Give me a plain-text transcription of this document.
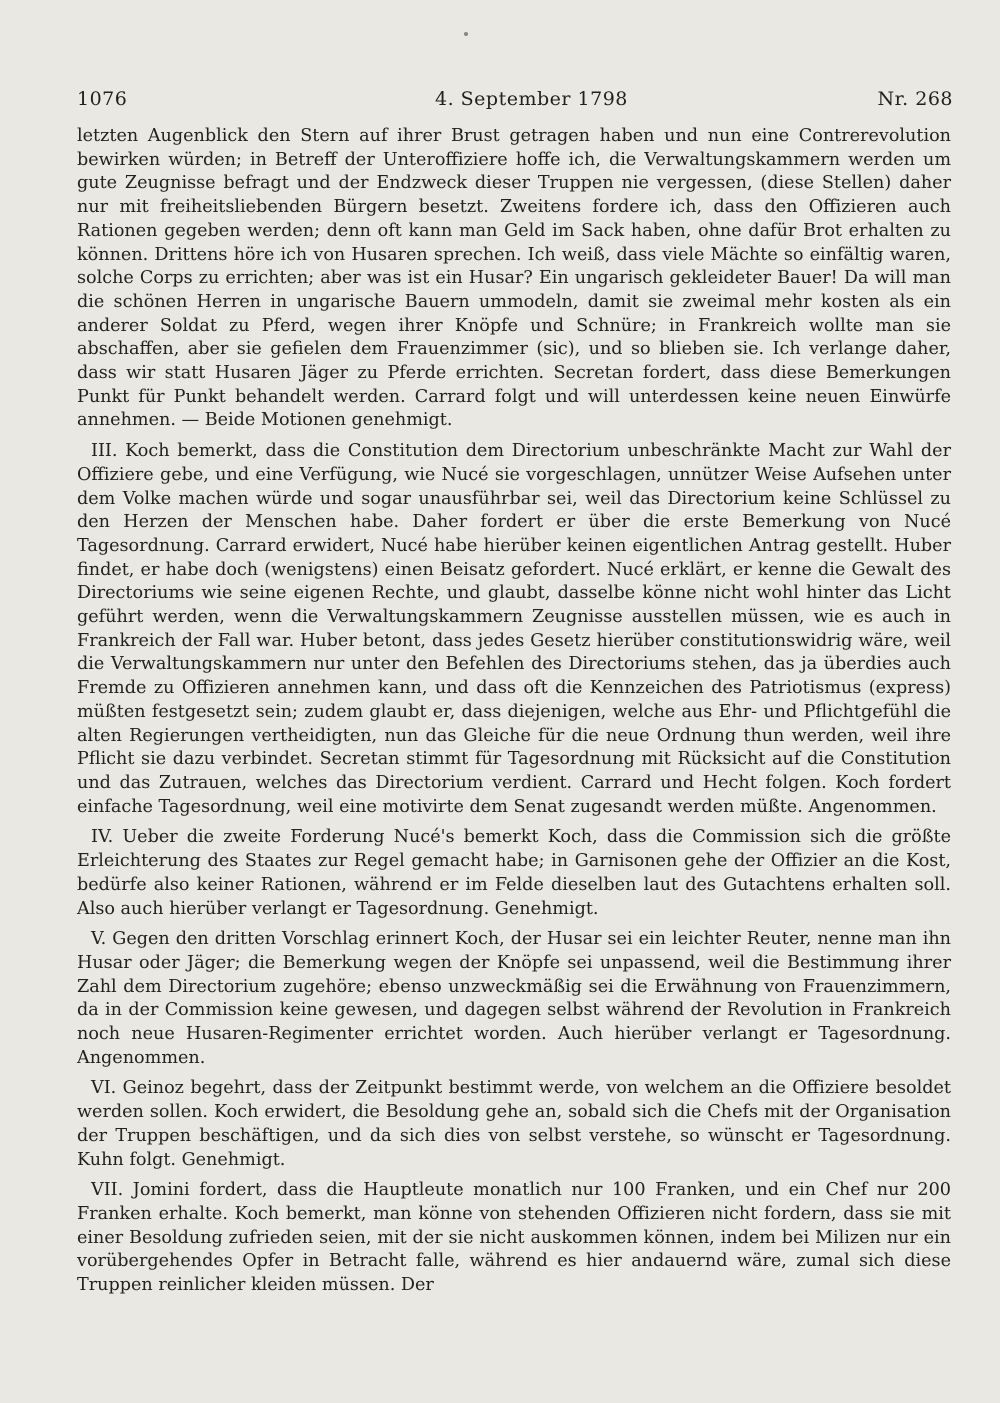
1076	4. September 1798	Nr. 268

letzten Augenblick den Stern auf ihrer Brust getragen haben und nun eine Contrerevolution bewirken würden; in Betreff der Unteroffiziere hoffe ich, die Verwaltungskammern werden um gute Zeugnisse befragt und der Endzweck dieser Truppen nie vergessen, (diese Stellen) daher nur mit freiheitsliebenden Bürgern besetzt. Zweitens fordere ich, dass den Offizieren auch Rationen gegeben werden; denn oft kann man Geld im Sack haben, ohne dafür Brot erhalten zu können. Drittens höre ich von Husaren sprechen. Ich weiß, dass viele Mächte so einfältig waren, solche Corps zu errichten; aber was ist ein Husar? Ein ungarisch gekleideter Bauer! Da will man die schönen Herren in ungarische Bauern ummodeln, damit sie zweimal mehr kosten als ein anderer Soldat zu Pferd, wegen ihrer Knöpfe und Schnüre; in Frankreich wollte man sie abschaffen, aber sie gefielen dem Frauenzimmer (sic), und so blieben sie. Ich verlange daher, dass wir statt Husaren Jäger zu Pferde errichten. Secretan fordert, dass diese Bemerkungen Punkt für Punkt behandelt werden. Carrard folgt und will unterdessen keine neuen Einwürfe annehmen. — Beide Motionen genehmigt.

III. Koch bemerkt, dass die Constitution dem Directorium unbeschränkte Macht zur Wahl der Offiziere gebe, und eine Verfügung, wie Nucé sie vorgeschlagen, unnützer Weise Aufsehen unter dem Volke machen würde und sogar unausführbar sei, weil das Directorium keine Schlüssel zu den Herzen der Menschen habe. Daher fordert er über die erste Bemerkung von Nucé Tagesordnung. Carrard erwidert, Nucé habe hierüber keinen eigentlichen Antrag gestellt. Huber findet, er habe doch (wenigstens) einen Beisatz gefordert. Nucé erklärt, er kenne die Gewalt des Directoriums wie seine eigenen Rechte, und glaubt, dasselbe könne nicht wohl hinter das Licht geführt werden, wenn die Verwaltungskammern Zeugnisse ausstellen müssen, wie es auch in Frankreich der Fall war. Huber betont, dass jedes Gesetz hierüber constitutionswidrig wäre, weil die Verwaltungskammern nur unter den Befehlen des Directoriums stehen, das ja überdies auch Fremde zu Offizieren annehmen kann, und dass oft die Kennzeichen des Patriotismus (express) müßten festgesetzt sein; zudem glaubt er, dass diejenigen, welche aus Ehr- und Pflichtgefühl die alten Regierungen vertheidigten, nun das Gleiche für die neue Ordnung thun werden, weil ihre Pflicht sie dazu verbindet. Secretan stimmt für Tagesordnung mit Rücksicht auf die Constitution und das Zutrauen, welches das Directorium verdient. Carrard und Hecht folgen. Koch fordert einfache Tagesordnung, weil eine motivirte dem Senat zugesandt werden müßte. Angenommen.

IV. Ueber die zweite Forderung Nucé's bemerkt Koch, dass die Commission sich die größte Erleichterung des Staates zur Regel gemacht habe; in Garnisonen gehe der Offizier an die Kost, bedürfe also keiner Rationen, während er im Felde dieselben laut des Gutachtens erhalten soll. Also auch hierüber verlangt er Tagesordnung. Genehmigt.

V. Gegen den dritten Vorschlag erinnert Koch, der Husar sei ein leichter Reuter, nenne man ihn Husar oder Jäger; die Bemerkung wegen der Knöpfe sei unpassend, weil die Bestimmung ihrer Zahl dem Directorium zugehöre; ebenso unzweckmäßig sei die Erwähnung von Frauenzimmern, da in der Commission keine gewesen, und dagegen selbst während der Revolution in Frankreich noch neue Husaren-Regimenter errichtet worden. Auch hierüber verlangt er Tagesordnung. Angenommen.

VI. Geinoz begehrt, dass der Zeitpunkt bestimmt werde, von welchem an die Offiziere besoldet werden sollen. Koch erwidert, die Besoldung gehe an, sobald sich die Chefs mit der Organisation der Truppen beschäftigen, und da sich dies von selbst verstehe, so wünscht er Tagesordnung. Kuhn folgt. Genehmigt.

VII. Jomini fordert, dass die Hauptleute monatlich nur 100 Franken, und ein Chef nur 200 Franken erhalte. Koch bemerkt, man könne von stehenden Offizieren nicht fordern, dass sie mit einer Besoldung zufrieden seien, mit der sie nicht auskommen können, indem bei Milizen nur ein vorübergehendes Opfer in Betracht falle, während es hier andauernd wäre, zumal sich diese Truppen reinlicher kleiden müssen. Der
